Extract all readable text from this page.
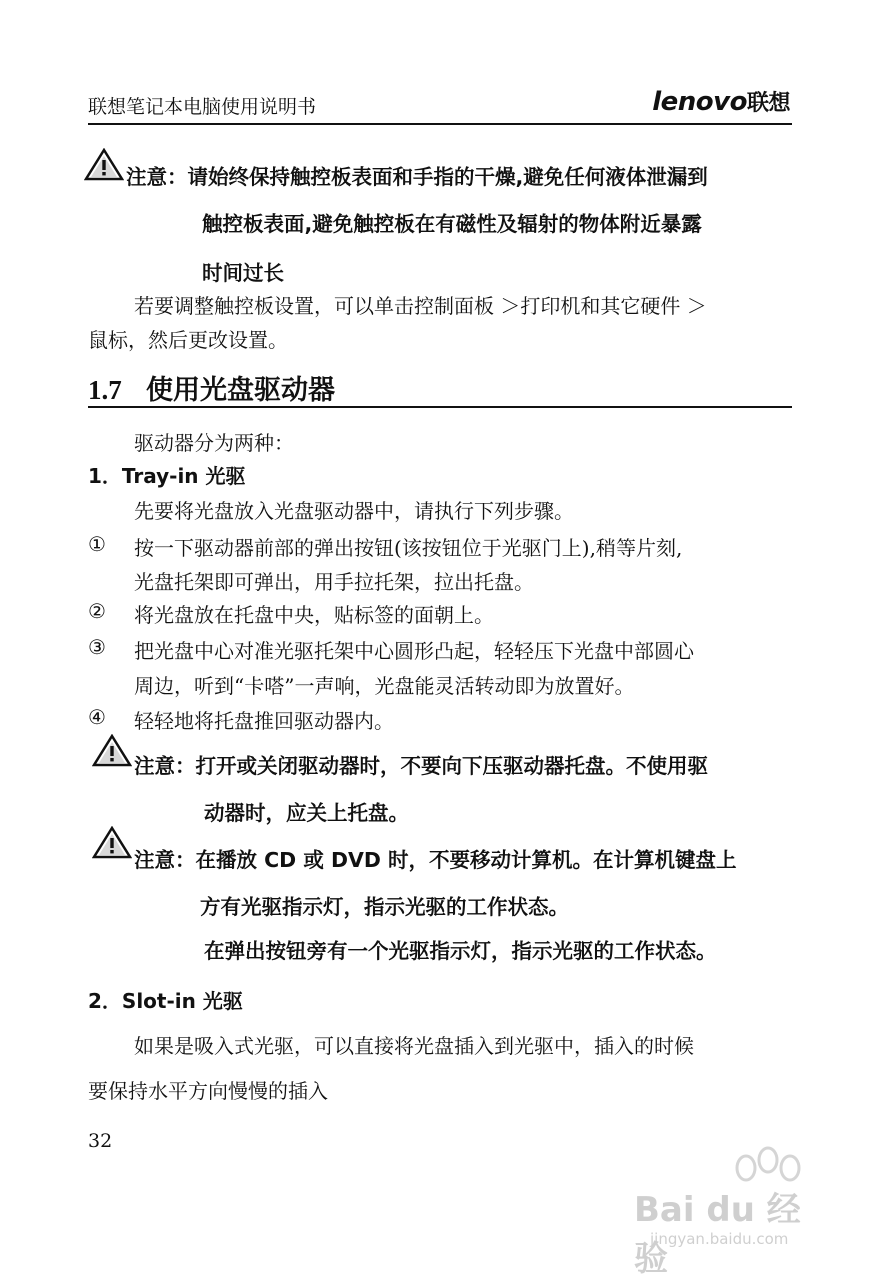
联想笔记本电脑使用说明书	lenovo联想
注意：请始终保持触控板表面和手指的干燥,避免任何液体泄漏到
触控板表面,避免触控板在有磁性及辐射的物体附近暴露
时间过长
若要调整触控板设置，可以单击控制面板 ＞打印机和其它硬件 ＞
鼠标，然后更改设置。
1.7 使用光盘驱动器
驱动器分为两种：
1．Tray-in 光驱
先要将光盘放入光盘驱动器中，请执行下列步骤。
① 按一下驱动器前部的弹出按钮(该按钮位于光驱门上),稍等片刻,
光盘托架即可弹出，用手拉托架，拉出托盘。
② 将光盘放在托盘中央，贴标签的面朝上。
③ 把光盘中心对准光驱托架中心圆形凸起，轻轻压下光盘中部圆心
周边，听到“卡嗒”一声响，光盘能灵活转动即为放置好。
④ 轻轻地将托盘推回驱动器内。
注意：打开或关闭驱动器时，不要向下压驱动器托盘。不使用驱
动器时，应关上托盘。
注意：在播放 CD 或 DVD 时，不要移动计算机。在计算机键盘上
方有光驱指示灯，指示光驱的工作状态。
在弹出按钮旁有一个光驱指示灯，指示光驱的工作状态。
2．Slot-in 光驱
如果是吸入式光驱，可以直接将光盘插入到光驱中，插入的时候
要保持水平方向慢慢的插入
32
Bai du 经验
jingyan.baidu.com
